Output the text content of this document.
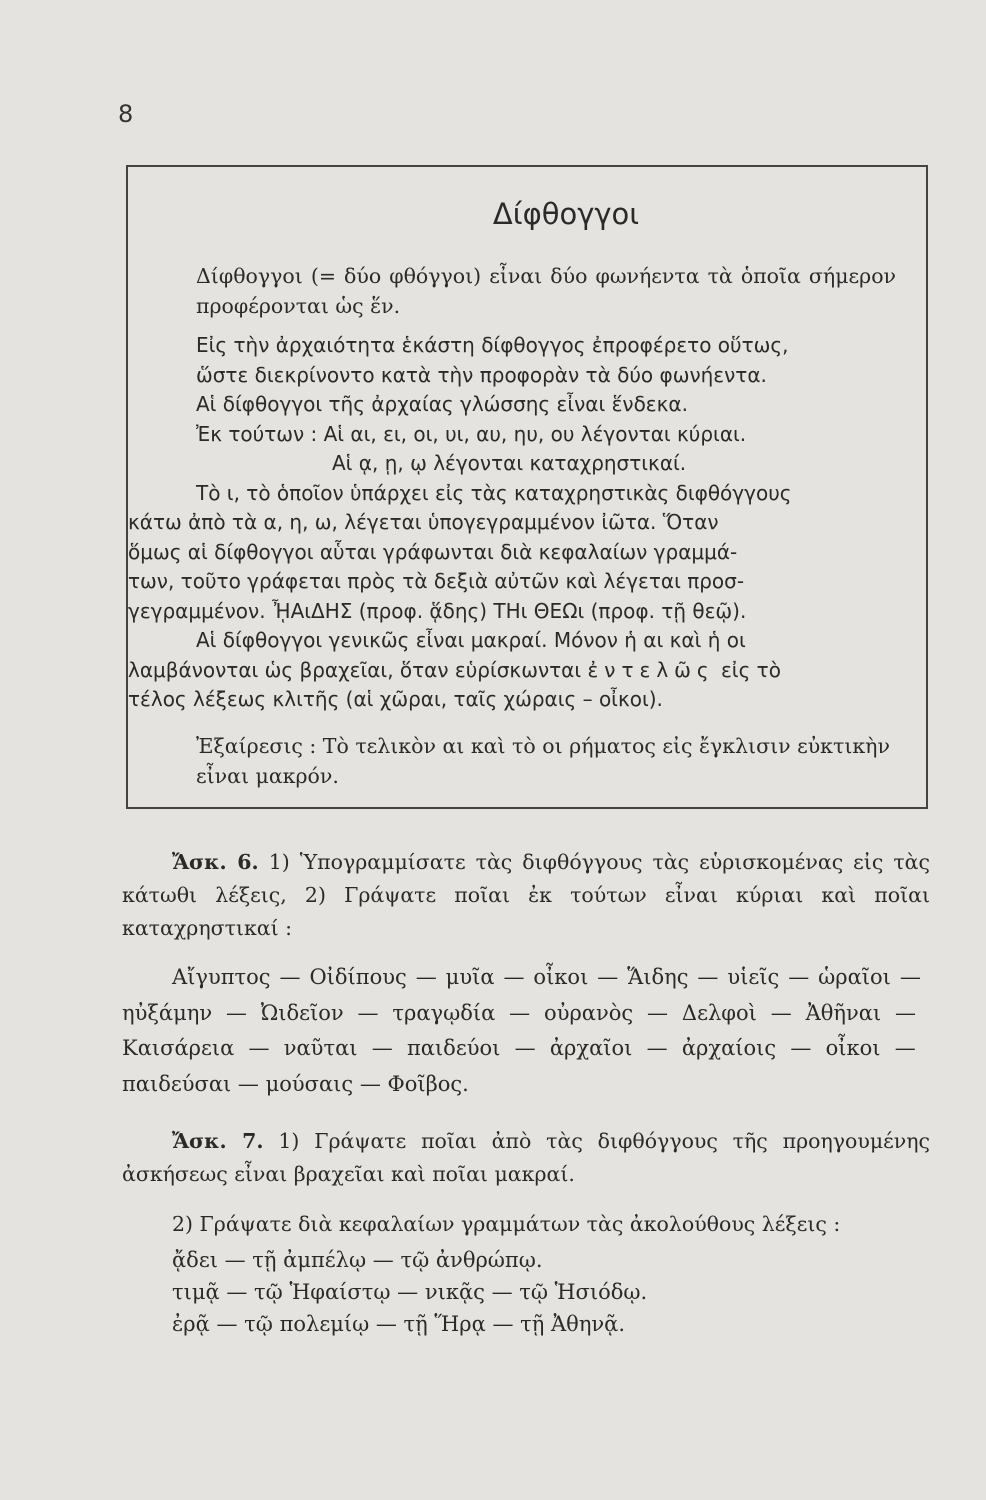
8
Δίφθογγοι

Δίφθογγοι (= δύο φθόγγοι) εἶναι δύο φωνήεντα τὰ ὁποῖα σήμερον προφέρονται ὡς ἕν.

Εἰς τὴν ἀρχαιότητα ἑκάστη δίφθογγος ἐπροφέρετο οὕτως,
ὥστε διεκρίνοντο κατὰ τὴν προφορὰν τὰ δύο φωνήεντα.
Αἱ δίφθογγοι τῆς ἀρχαίας γλώσσης εἶναι ἕνδεκα.
Ἐκ τούτων : Αἱ αι, ει, οι, υι, αυ, ηυ, ου λέγονται κύριαι.
Αἱ ᾳ, ῃ, ῳ λέγονται καταχρηστικαί.
Τὸ ι, τὸ ὁποῖον ὑπάρχει εἰς τὰς καταχρηστικὰς διφθόγγους
κάτω ἀπὸ τὰ α, η, ω, λέγεται ὑπογεγραμμένον ἰῶτα. Ὅταν
ὅμως αἱ δίφθογγοι αὗται γράφωνται διὰ κεφαλαίων γραμμά-
των, τοῦτο γράφεται πρὸς τὰ δεξιὰ αὐτῶν καὶ λέγεται προσ-
γεγραμμένον. ᾞΑιΔΗΣ (προφ. ᾅδης) ΤΗι ΘΕΩι (προφ. τῇ θεῷ).
Αἱ δίφθογγοι γενικῶς εἶναι μακραί. Μόνον ἡ αι καὶ ἡ οι
λαμβάνονται ὡς βραχεῖαι, ὅταν εὑρίσκωνται ἐντελῶς εἰς τὸ
τέλος λέξεως κλιτῆς (αἱ χῶραι, ταῖς χώραις – οἶκοι).

Ἐξαίρεσις : Τὸ τελικὸν αι καὶ τὸ οι ρήματος εἰς ἔγκλισιν εὐκτικὴν εἶναι μακρόν.

Ἄσκ. 6. 1) Ὑπογραμμίσατε τὰς διφθόγγους τὰς εὑρισκομένας εἰς τὰς κάτωθι λέξεις, 2) Γράψατε ποῖαι ἐκ τούτων εἶναι κύριαι καὶ ποῖαι καταχρηστικαί :
Αἴγυπτος — Οἰδίπους — μυῖα — οἶκοι — Ἅιδης — υἱεῖς — ὡραῖοι —
ηὐξάμην — Ὠιδεῖον — τραγῳδία — οὐρανὸς — Δελφοὶ — Ἀθῆναι —
Καισάρεια — ναῦται — παιδεύοι — ἀρχαῖοι — ἀρχαίοις — οἶκοι —
παιδεύσαι — μούσαις — Φοῖβος.
Ἄσκ. 7. 1) Γράψατε ποῖαι ἀπὸ τὰς διφθόγγους τῆς προηγουμένης ἀσκήσεως εἶναι βραχεῖαι καὶ ποῖαι μακραί.
2) Γράψατε διὰ κεφαλαίων γραμμάτων τὰς ἀκολούθους λέξεις :
ᾄδει — τῇ ἀμπέλῳ — τῷ ἀνθρώπῳ.
τιμᾷ — τῷ Ἡφαίστῳ — νικᾷς — τῷ Ἡσιόδῳ.
ἐρᾷ — τῷ πολεμίῳ — τῇ Ἥρᾳ — τῇ Ἀθηνᾷ.
